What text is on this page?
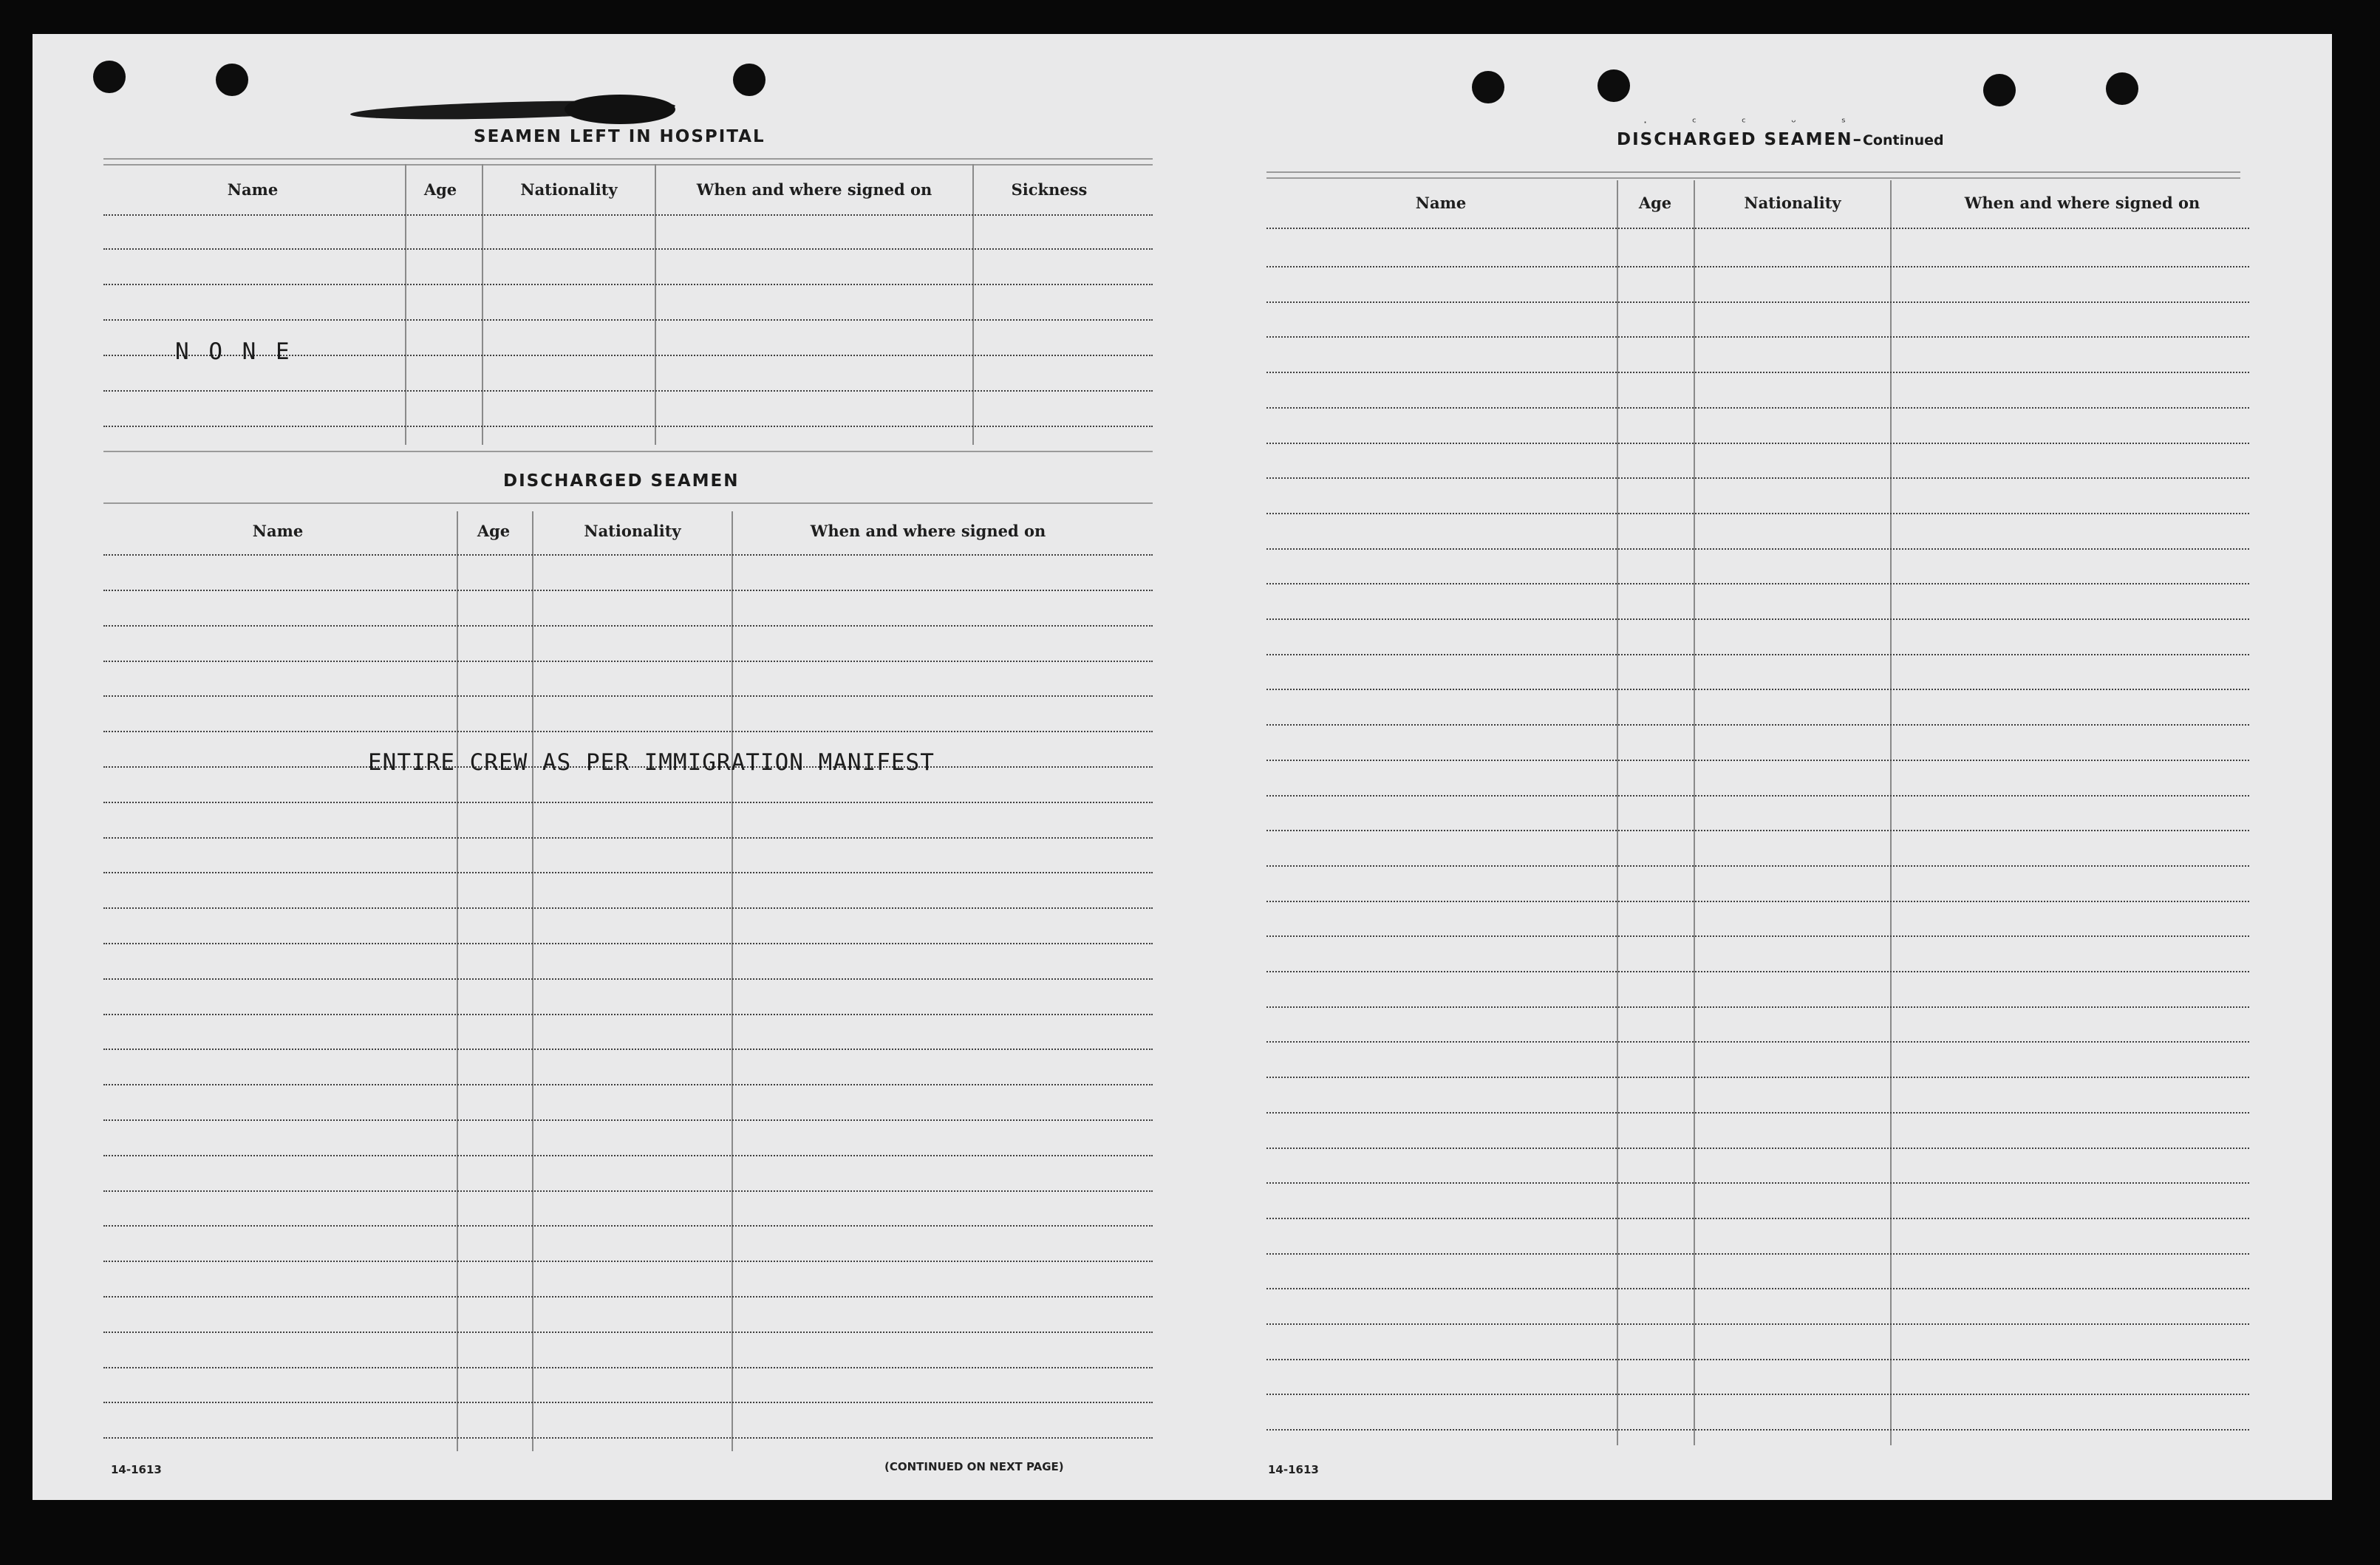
SEAMEN LEFT IN HOSPITAL
Name	Age	Nationality	When and where signed on	Sickness
N O N E
DISCHARGED SEAMEN
Name	Age	Nationality	When and where signed on
ENTIRE CREW AS PER IMMIGRATION MANIFEST
14-1613	(CONTINUED ON NEXT PAGE)
· ᶜ ᶜ ᵕ ˢ
DISCHARGED SEAMEN–Continued
Name	Age	Nationality	When and where signed on
14-1613
